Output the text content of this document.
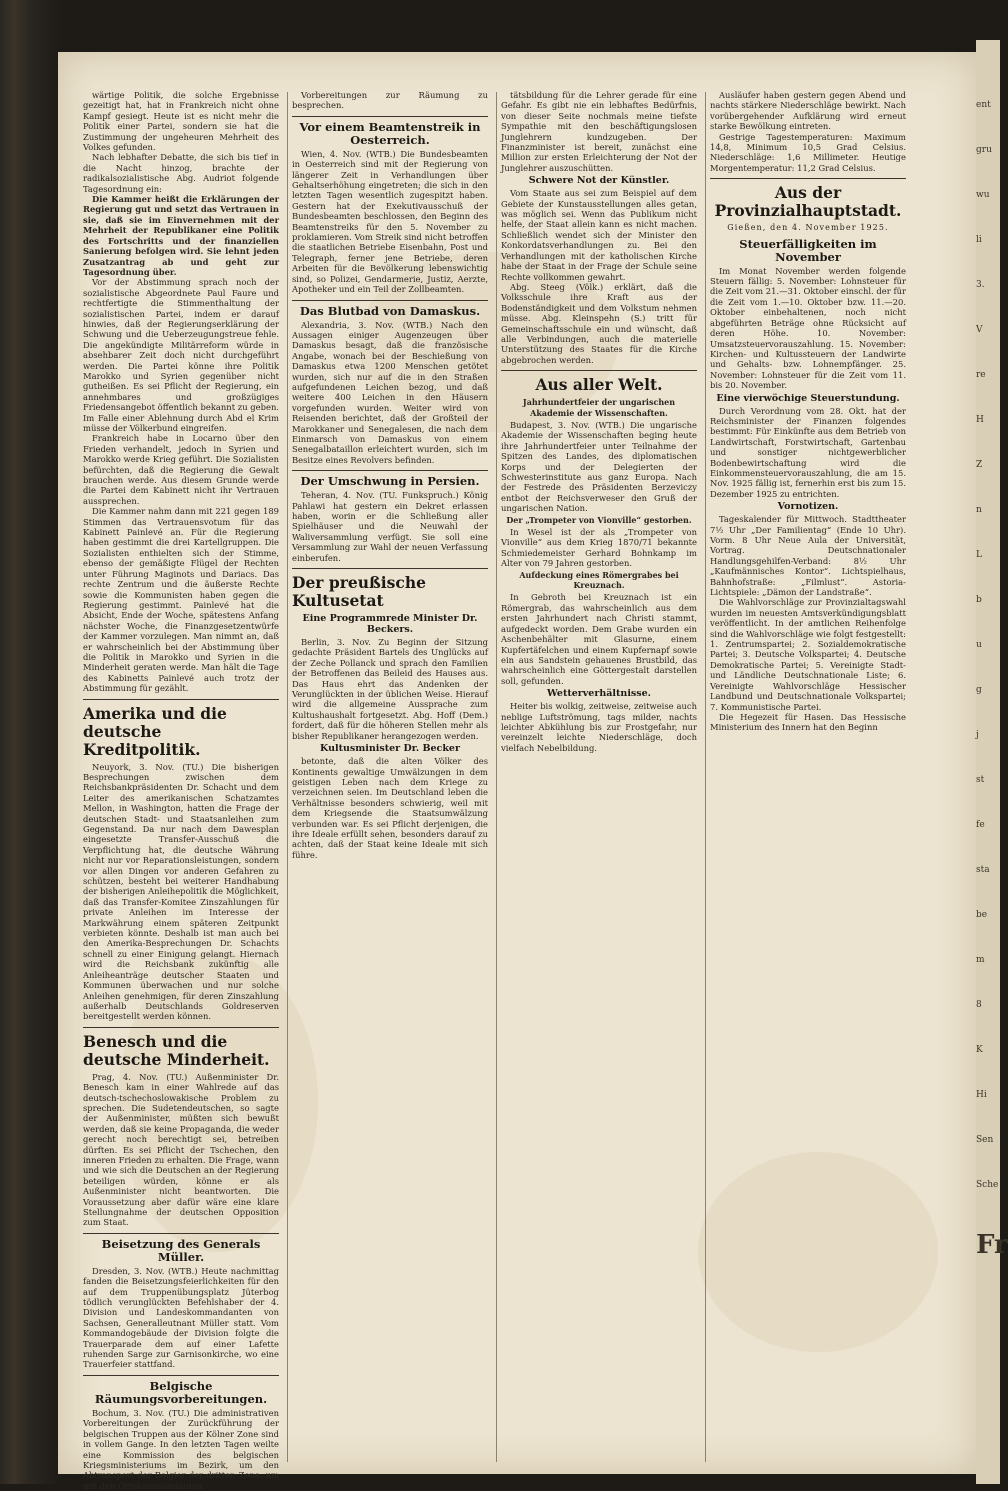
wärtige Politik, die solche Ergebnisse gezeitigt hat, hat in Frankreich nicht ohne Kampf gesiegt. Heute ist es nicht mehr die Politik einer Partei, sondern sie hat die Zustimmung der ungeheuren Mehrheit des Volkes gefunden.

Nach lebhafter Debatte, die sich bis tief in die Nacht hinzog, brachte der radikalsozialistische Abg. Audriot folgende Tagesordnung ein:

Die Kammer heißt die Erklärungen der Regierung gut und setzt das Vertrauen in sie, daß sie im Einvernehmen mit der Mehrheit der Republikaner eine Politik des Fortschritts und der finanziellen Sanierung befolgen wird. Sie lehnt jeden Zusatzantrag ab und geht zur Tagesordnung über.

Vor der Abstimmung sprach noch der sozialistische Abgeordnete Paul Faure und rechtfertigte die Stimmenthaltung der sozialistischen Partei, indem er darauf hinwies, daß der Regierungserklärung der Schwung und die Ueberzeugungstreue fehle. Die angekündigte Militärreform würde in absehbarer Zeit doch nicht durchgeführt werden. Die Partei könne ihre Politik Marokko und Syrien gegenüber nicht gutheißen. Es sei Pflicht der Regierung, ein annehmbares und großzügiges Friedensangebot öffentlich bekannt zu geben. Im Falle einer Ablehnung durch Abd el Krim müsse der Völkerbund eingreifen.

Frankreich habe in Locarno über den Frieden verhandelt, jedoch in Syrien und Marokko werde Krieg geführt. Die Sozialisten befürchten, daß die Regierung die Gewalt brauchen werde. Aus diesem Grunde werde die Partei dem Kabinett nicht ihr Vertrauen aussprechen.

Die Kammer nahm dann mit 221 gegen 189 Stimmen das Vertrauensvotum für das Kabinett Painlevé an. Für die Regierung haben gestimmt die drei Kartellgruppen. Die Sozialisten enthielten sich der Stimme, ebenso der gemäßigte Flügel der Rechten unter Führung Maginots und Dariacs. Das rechte Zentrum und die äußerste Rechte sowie die Kommunisten haben gegen die Regierung gestimmt. Painlevé hat die Absicht, Ende der Woche, spätestens Anfang nächster Woche, die Finanzgesetzentwürfe der Kammer vorzulegen. Man nimmt an, daß er wahrscheinlich bei der Abstimmung über die Politik in Marokko und Syrien in die Minderheit geraten werde. Man hält die Tage des Kabinetts Painlevé auch trotz der Abstimmung für gezählt.

Amerika und die deutsche Kreditpolitik.

Neuyork, 3. Nov. (TU.) Die bisherigen Besprechungen zwischen dem Reichsbankpräsidenten Dr. Schacht und dem Leiter des amerikanischen Schatzamtes Mellon, in Washington, hatten die Frage der deutschen Stadt- und Staatsanleihen zum Gegenstand. Da nur nach dem Dawesplan eingesetzte Transfer-Ausschuß die Verpflichtung hat, die deutsche Währung nicht nur vor Reparationsleistungen, sondern vor allen Dingen vor anderen Gefahren zu schützen, besteht bei weiterer Handhabung der bisherigen Anleihepolitik die Möglichkeit, daß das Transfer-Komitee Zinszahlungen für private Anleihen im Interesse der Markwährung einem späteren Zeitpunkt verbieten könnte. Deshalb ist man auch bei den Amerika-Besprechungen Dr. Schachts schnell zu einer Einigung gelangt. Hiernach wird die Reichsbank zukünftig alle Anleiheanträge deutscher Staaten und Kommunen überwachen und nur solche Anleihen genehmigen, für deren Zinszahlung außerhalb Deutschlands Goldreserven bereitgestellt werden können.

Benesch und die deutsche Minderheit.

Prag, 4. Nov. (TU.) Außenminister Dr. Benesch kam in einer Wahlrede auf das deutsch-tschechoslowakische Problem zu sprechen. Die Sudetendeutschen, so sagte der Außenminister, müßten sich bewußt werden, daß sie keine Propaganda, die weder gerecht noch berechtigt sei, betreiben dürften. Es sei Pflicht der Tschechen, den inneren Frieden zu erhalten. Die Frage, wann und wie sich die Deutschen an der Regierung beteiligen würden, könne er als Außenminister nicht beantworten. Die Voraussetzung aber dafür wäre eine klare Stellungnahme der deutschen Opposition zum Staat.

Beisetzung des Generals Müller.

Dresden, 3. Nov. (WTB.) Heute nachmittag fanden die Beisetzungsfeierlichkeiten für den auf dem Truppenübungsplatz Jüterbog tödlich verunglückten Befehlshaber der 4. Division und Landeskommandanten von Sachsen, Generalleutnant Müller statt. Vom Kommandogebäude der Division folgte die Trauerparade dem auf einer Lafette ruhenden Sarge zur Garnisonkirche, wo eine Trauerfeier stattfand.

Belgische Räumungsvorbereitungen.

Bochum, 3. Nov. (TU.) Die administrativen Vorbereitungen der Zurückführung der belgischen Truppen aus der Kölner Zone sind in vollem Gange. In den letzten Tagen weilte eine Kommission des belgischen Kriegsministeriums im Bezirk, um den Abtransport der Belgier der dritten Zone, um mit den Ortskommandanten

Vorbereitungen zur Räumung zu besprechen.

Vor einem Beamtenstreik in Oesterreich.

Wien, 4. Nov. (WTB.) Die Bundesbeamten in Oesterreich sind mit der Regierung von längerer Zeit in Verhandlungen über Gehaltserhöhung eingetreten; die sich in den letzten Tagen wesentlich zugespitzt haben. Gestern hat der Exekutivausschuß der Bundesbeamten beschlossen, den Beginn des Beamtenstreiks für den 5. November zu proklamieren. Vom Streik sind nicht betroffen die staatlichen Betriebe Eisenbahn, Post und Telegraph, ferner jene Betriebe, deren Arbeiten für die Bevölkerung lebenswichtig sind, so Polizei, Gendarmerie, Justiz, Aerzte, Apotheker und ein Teil der Zollbeamten.

Das Blutbad von Damaskus.

Alexandria, 3. Nov. (WTB.) Nach den Aussagen einiger Augenzeugen über Damaskus besagt, daß die französische Angabe, wonach bei der Beschießung von Damaskus etwa 1200 Menschen getötet wurden, sich nur auf die in den Straßen aufgefundenen Leichen bezog, und daß weitere 400 Leichen in den Häusern vorgefunden wurden. Weiter wird von Reisenden berichtet, daß der Großteil der Marokkaner und Senegalesen, die nach dem Einmarsch von Damaskus von einem Senegalbataillon erleichtert wurden, sich im Besitze eines Revolvers befinden.

Der Umschwung in Persien.

Teheran, 4. Nov. (TU. Funkspruch.) König Pahlawi hat gestern ein Dekret erlassen haben, worin er die Schließung aller Spielhäuser und die Neuwahl der Waliversammlung verfügt. Sie soll eine Versammlung zur Wahl der neuen Verfassung einberufen.

Der preußische Kultusetat
Eine Programmrede Minister Dr. Beckers.

Berlin, 3. Nov. Zu Beginn der Sitzung gedachte Präsident Bartels des Unglücks auf der Zeche Pollanck und sprach den Familien der Betroffenen das Beileid des Hauses aus. Das Haus ehrt das Andenken der Verunglückten in der üblichen Weise. Hierauf wird die allgemeine Aussprache zum Kultushaushalt fortgesetzt. Abg. Hoff (Dem.) fordert, daß für die höheren Stellen mehr als bisher Republikaner herangezogen werden.

Kultusminister Dr. Becker

betonte, daß die alten Völker des Kontinents gewaltige Umwälzungen in dem geistigen Leben nach dem Kriege zu verzeichnen seien. Im Deutschland leben die Verhältnisse besonders schwierig, weil mit dem Kriegsende die Staatsumwälzung verbunden war. Es sei Pflicht derjenigen, die ihre Ideale erfüllt sehen, besonders darauf zu achten, daß der Staat keine Ideale mit sich führe.

tätsbildung für die Lehrer gerade für eine Gefahr. Es gibt nie ein lebhaftes Bedürfnis, von dieser Seite nochmals meine tiefste Sympathie mit den beschäftigungslosen Junglehrern kundzugeben. Der Finanzminister ist bereit, zunächst eine Million zur ersten Erleichterung der Not der Junglehrer auszuschütten.

Schwere Not der Künstler.

Vom Staate aus sei zum Beispiel auf dem Gebiete der Kunstausstellungen alles getan, was möglich sei. Wenn das Publikum nicht helfe, der Staat allein kann es nicht machen. Schließlich wendet sich der Minister den Konkordatsverhandlungen zu. Bei den Verhandlungen mit der katholischen Kirche habe der Staat in der Frage der Schule seine Rechte vollkommen gewahrt.

Abg. Steeg (Völk.) erklärt, daß die Volksschule ihre Kraft aus der Bodenständigkeit und dem Volkstum nehmen müsse. Abg. Kleinspehn (S.) tritt für Gemeinschaftsschule ein und wünscht, daß alle Verbindungen, auch die materielle Unterstützung des Staates für die Kirche abgebrochen werden.

Aus aller Welt.
Jahrhundertfeier der ungarischen Akademie der Wissenschaften.

Budapest, 3. Nov. (WTB.) Die ungarische Akademie der Wissenschaften beging heute ihre Jahrhundertfeier unter Teilnahme der Spitzen des Landes, des diplomatischen Korps und der Delegierten der Schwesterinstitute aus ganz Europa. Nach der Festrede des Präsidenten Berzeviczy entbot der Reichsverweser den Gruß der ungarischen Nation.

Der „Trompeter von Vionville“ gestorben.

In Wesel ist der als „Trompeter von Vionville“ aus dem Krieg 1870/71 bekannte Schmiedemeister Gerhard Bohnkamp im Alter von 79 Jahren gestorben.

Aufdeckung eines Römergrabes bei Kreuznach.

In Gebroth bei Kreuznach ist ein Römergrab, das wahrscheinlich aus dem ersten Jahrhundert nach Christi stammt, aufgedeckt worden. Dem Grabe wurden ein Aschenbehälter mit Glasurne, einem Kupfertäfelchen und einem Kupfernapf sowie ein aus Sandstein gehauenes Brustbild, das wahrscheinlich eine Göttergestalt darstellen soll, gefunden.

Wetterverhältnisse.

Heiter bis wolkig, zeitweise, zeitweise auch neblige Luftströmung, tags milder, nachts leichter Abkühlung bis zur Frostgefahr, nur vereinzelt leichte Niederschläge, doch vielfach Nebelbildung.

Ausläufer haben gestern gegen Abend und nachts stärkere Niederschläge bewirkt. Nach vorübergehender Aufklärung wird erneut starke Bewölkung eintreten.

Gestrige Tagestemperaturen: Maximum 14,8, Minimum 10,5 Grad Celsius. Niederschläge: 1,6 Millimeter. Heutige Morgentemperatur: 11,2 Grad Celsius.

Aus der Provinzialhauptstadt.
Gießen, den 4. November 1925.
Steuerfälligkeiten im November

Im Monat November werden folgende Steuern fällig: 5. November: Lohnsteuer für die Zeit vom 21.—31. Oktober einschl. der für die Zeit vom 1.—10. Oktober bzw. 11.—20. Oktober einbehaltenen, noch nicht abgeführten Beträge ohne Rücksicht auf deren Höhe. 10. November: Umsatzsteuervorauszahlung. 15. November: Kirchen- und Kultussteuern der Landwirte und Gehalts- bzw. Lohnempfänger. 25. November: Lohnsteuer für die Zeit vom 11. bis 20. November.

Eine vierwöchige Steuerstundung.

Durch Verordnung vom 28. Okt. hat der Reichsminister der Finanzen folgendes bestimmt: Für Einkünfte aus dem Betrieb von Landwirtschaft, Forstwirtschaft, Gartenbau und sonstiger nichtgewerblicher Bodenbewirtschaftung wird die Einkommensteuervorauszahlung, die am 15. Nov. 1925 fällig ist, fernerhin erst bis zum 15. Dezember 1925 zu entrichten.

Vornotizen.

Tageskalender für Mittwoch. Stadttheater 7½ Uhr „Der Familientag“ (Ende 10 Uhr). Vorm. 8 Uhr Neue Aula der Universität, Vortrag. Deutschnationaler Handlungsgehilfen-Verband: 8½ Uhr „Kaufmännisches Kontor“. Lichtspielhaus, Bahnhofstraße: „Filmlust“. Astoria-Lichtspiele: „Dämon der Landstraße“.

Die Wahlvorschläge zur Provinzialtagswahl wurden im neuesten Amtsverkündigungsblatt veröffentlicht. In der amtlichen Reihenfolge sind die Wahlvorschläge wie folgt festgestellt: 1. Zentrumspartei; 2. Sozialdemokratische Partei; 3. Deutsche Volkspartei; 4. Deutsche Demokratische Partei; 5. Vereinigte Stadt- und Ländliche Deutschnationale Liste; 6. Vereinigte Wahlvorschläge Hessischer Landbund und Deutschnationale Volkspartei; 7. Kommunistische Partei.

Die Hegezeit für Hasen. Das Hessische Ministerium des Innern hat den Beginn

ent
gru
wu
li
3.
V
re
H
Z
n
L
b
u
g
j
st
fe
sta
be
m
8
K
Hi
Sen
Sche
Fr
